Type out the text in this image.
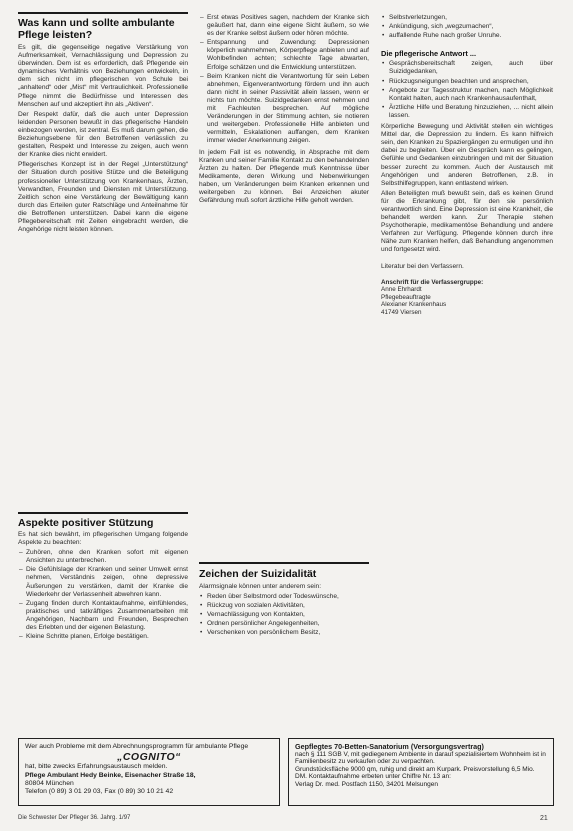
Was kann und sollte ambulante Pflege leisten?

Es gilt, die gegenseitige negative Verstärkung von Aufmerksamkeit, Vernachlässigung und Depression zu überwinden. Dem ist es erforderlich, daß Pflegende ein dynamisches Verhältnis von Beziehungen entwickeln, in dem sich nicht im pflegerischen von Schule bei „anhaltend“ oder „Mist“ mit Vertraulichkeit. Professionelle Pflege nimmt die Bedürfnisse und Interessen des Menschen auf und akzeptiert ihn als „Aktiven“.

Der Respekt dafür, daß die auch unter Depression leidenden Personen bewußt in das pflegerische Handeln einbezogen werden, ist zentral. Es muß darum gehen, die Beziehungsebene für den Betroffenen verlässlich zu gestalten, Respekt und Interesse zu zeigen, auch wenn der Kranke dies nicht erwidert.

Pflegerisches Konzept ist in der Regel „Unterstützung“ der Situation durch positive Stütze und die Beteiligung professioneller Unterstützung von Krankenhaus, Ärzten, Verwandten, Freunden und Diensten mit Unterstützung. Zeitlich schon eine Verstärkung der Bewältigung kann durch das Erteilen guter Ratschläge und Anteilnahme für die Betroffenen unterstützen. Dabei kann die eigene Pflegebereitschaft mit Zeiten eingebracht werden, die Angehörige nicht leisten können.

Aspekte positiver Stützung

Es hat sich bewährt, im pflegerischen Umgang folgende Aspekte zu beachten:

– Zuhören, ohne den Kranken sofort mit eigenen Ansichten zu unterbrechen.
– Die Gefühlslage der Kranken und seiner Umwelt ernst nehmen, Verständnis zeigen, ohne depressive Äußerungen zu verstärken, damit der Kranke die Wiederkehr der Verlassenheit abwehren kann.
– Zugang finden durch Kontaktaufnahme, einfühlendes, praktisches und tatkräftiges Zusammenarbeiten mit Angehörigen, Nachbarn und Freunden, Besprechen des Erlebten und der eigenen Belastung.
– Kleine Schritte planen, Erfolge bestätigen.
– Erst etwas Positives sagen, nachdem der Kranke sich geäußert hat, dann eine eigene Sicht äußern, so wie es der Kranke selbst äußern oder hören möchte.
– Entspannung und Zuwendung: Depressionen körperlich wahrnehmen, Körperpflege anbieten und auf Wohlbefinden achten; schlechte Tage abwarten, Erfolge schätzen und die Entwicklung unterstützen.
– Beim Kranken nicht die Verantwortung für sein Leben abnehmen, Eigenverantwortung fördern und ihn auch dann nicht in seiner Passivität allein lassen, wenn er nichts tun möchte. Suizidgedanken ernst nehmen und mit Fachleuten besprechen. Auf mögliche Veränderungen in der Stimmung achten, sie notieren und weitergeben. Professionelle Hilfe anbieten und vermitteln, Eskalationen auffangen, dem Kranken immer wieder Anerkennung zeigen.

In jedem Fall ist es notwendig, in Absprache mit dem Kranken und seiner Familie Kontakt zu den behandelnden Ärzten zu halten. Der Pflegende muß Kenntnisse über Medikamente, deren Wirkung und Nebenwirkungen haben, um Veränderungen beim Kranken erkennen und weitergeben zu können. Bei Anzeichen akuter Gefährdung muß sofort ärztliche Hilfe geholt werden.

Zeichen der Suizidalität

Alarmsignale können unter anderem sein:

• Reden über Selbstmord oder Todeswünsche,
• Rückzug von sozialen Aktivitäten,
• Vernachlässigung von Kontakten,
• Ordnen persönlicher Angelegenheiten,
• Verschenken von persönlichem Besitz,
• Selbstverletzungen,
• Ankündigung, sich „wegzumachen“,
• auffallende Ruhe nach großer Unruhe.
Die pflegerische Antwort ...
• Gesprächsbereitschaft zeigen, auch über Suizidgedanken,
• Rückzugsneigungen beachten und ansprechen,
• Angebote zur Tagesstruktur machen, nach Möglichkeit Kontakt halten, auch nach Krankenhausaufenthalt,
• Ärztliche Hilfe und Beratung hinzuziehen, ... nicht allein lassen.

Körperliche Bewegung und Aktivität stellen ein wichtiges Mittel dar, die Depression zu lindern. Es kann hilfreich sein, den Kranken zu Spaziergängen zu ermutigen und ihn dabei zu begleiten. Über ein Gespräch kann es gelingen, Gefühle und Gedanken einzubringen und mit der Situation besser zurecht zu kommen. Auch der Austausch mit Angehörigen und anderen Betroffenen, z.B. in Selbsthilfegruppen, kann entlastend wirken.

Allen Beteiligten muß bewußt sein, daß es keinen Grund für die Erkrankung gibt, für den sie persönlich verantwortlich sind. Eine Depression ist eine Krankheit, die behandelt werden kann. Zur Therapie stehen Psychotherapie, medikamentöse Behandlung und andere Verfahren zur Verfügung. Pflegende können durch ihre Nähe zum Kranken helfen, daß Behandlung angenommen und fortgesetzt wird.

Literatur bei den Verfassern.

Anschrift für die Verfassergruppe:
Anne Ehrhardt
Pflegebeauftragte
Alexianer Krankenhaus
41749 Viersen
Wer auch Probleme mit dem Abrechnungsprogramm für ambulante Pflege
„COGNITO“
hat, bitte zwecks Erfahrungsaustausch melden.
Pflege Ambulant Hedy Beinke, Eisenacher Straße 18,
80804 München
Telefon (0 89) 3 01 29 03, Fax (0 89) 30 10 21 42
Gepflegtes 70-Betten-Sanatorium (Versorgungsvertrag)
nach § 111 SGB V, mit gediegenem Ambiente in darauf spezialisiertem Wohnheim ist in Familienbesitz zu verkaufen oder zu verpachten.
Grundstücksfläche 9000 qm, ruhig und direkt am Kurpark. Preisvorstellung 6,5 Mio. DM. Kontaktaufnahme erbeten unter Chiffre Nr. 13 an:
Verlag Dr. med. Postfach 1150, 34201 Melsungen
Die Schwester Der Pfleger 36. Jahrg. 1/97	21
